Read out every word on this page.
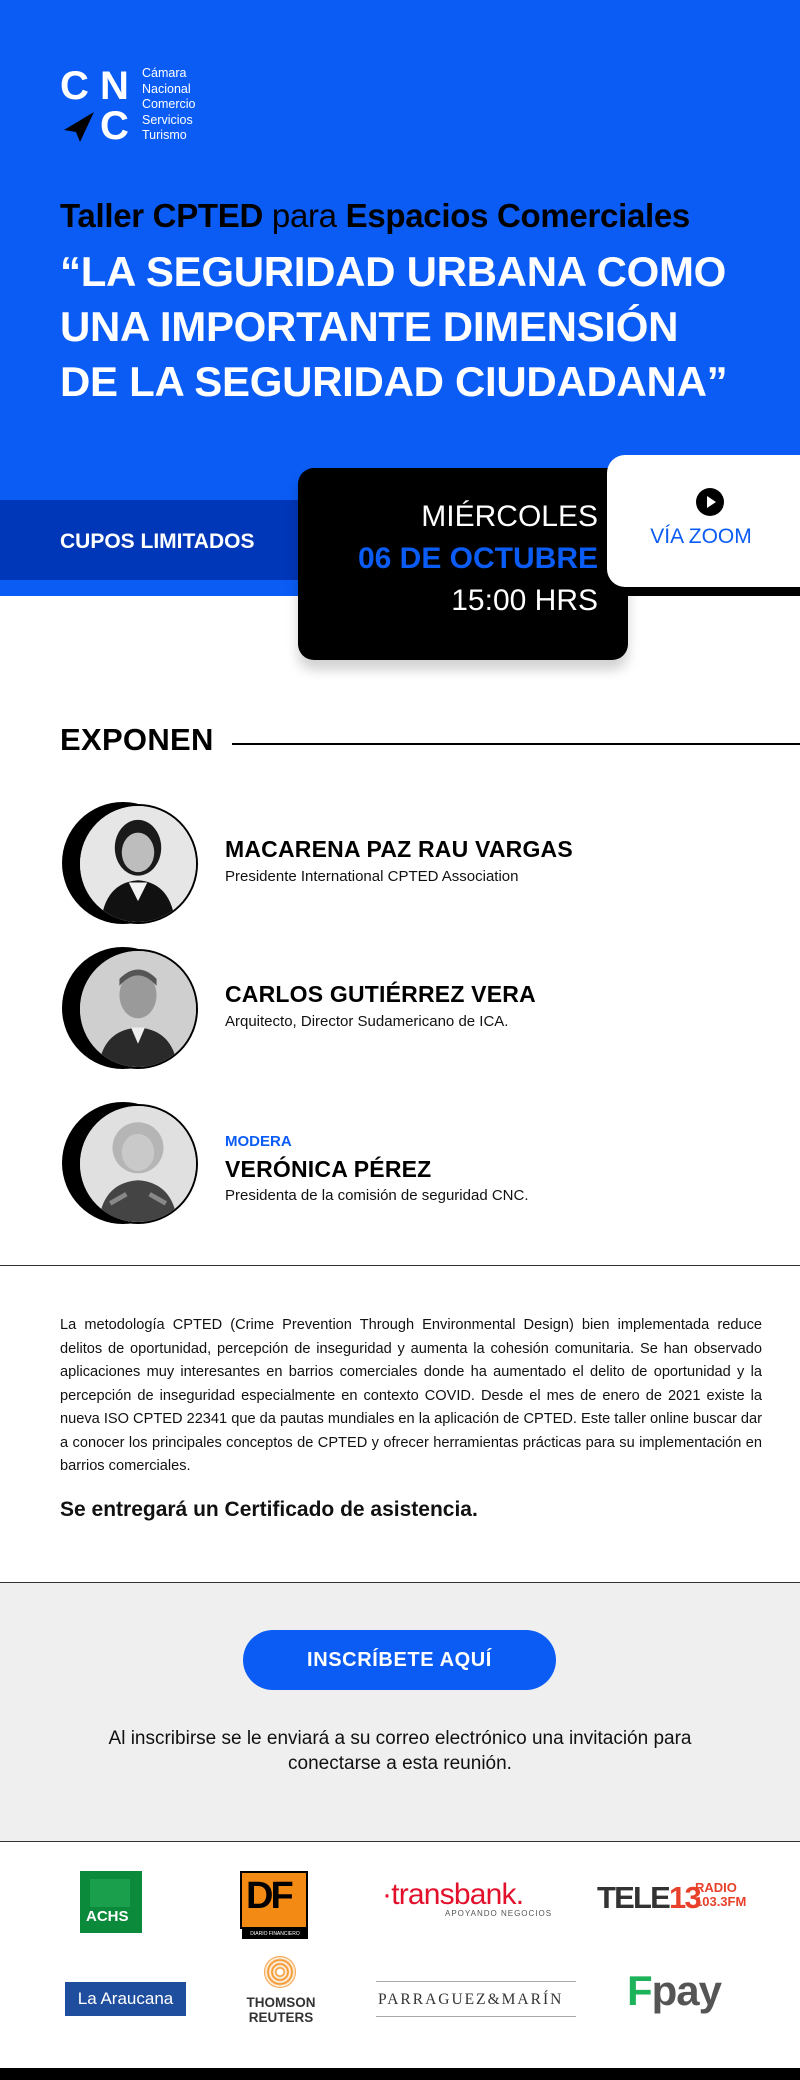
C N
C
Cámara
Nacional
Comercio
Servicios
Turismo
Taller CPTED para Espacios Comerciales
“LA SEGURIDAD URBANA COMO
UNA IMPORTANTE DIMENSIÓN
DE LA SEGURIDAD CIUDADANA”
CUPOS LIMITADOS
MIÉRCOLES
06 DE OCTUBRE
15:00 HRS
VÍA ZOOM
EXPONEN
MACARENA PAZ RAU VARGAS
Presidente International CPTED Association
CARLOS GUTIÉRREZ VERA
Arquitecto, Director Sudamericano de ICA.
MODERA
VERÓNICA PÉREZ
Presidenta de la comisión de seguridad CNC.
La metodología CPTED (Crime Prevention Through Environmental Design) bien implementada reduce delitos de oportunidad, percepción de inseguridad y aumenta la cohesión comunitaria. Se han observado aplicaciones muy interesantes en barrios comerciales donde ha aumentado el delito de oportunidad y la percepción de inseguridad especialmente en contexto COVID. Desde el mes de enero de 2021 existe la nueva ISO CPTED 22341 que da pautas mundiales en la aplicación de CPTED. Este taller online buscar dar a conocer los principales conceptos de CPTED y ofrecer herramientas prácticas para su implementación en barrios comerciales.
Se entregará un Certificado de asistencia.
INSCRÍBETE AQUÍ
Al inscribirse se le enviará a su correo electrónico una invitación para conectarse a esta reunión.
ACHS	DF
DIARIO FINANCIERO
·transbank.
APOYANDO NEGOCIOS TELE13
RADIO
103.3FM
La Araucana	THOMSON
REUTERS
PARRAGUEZ&MARÍN Fpay
